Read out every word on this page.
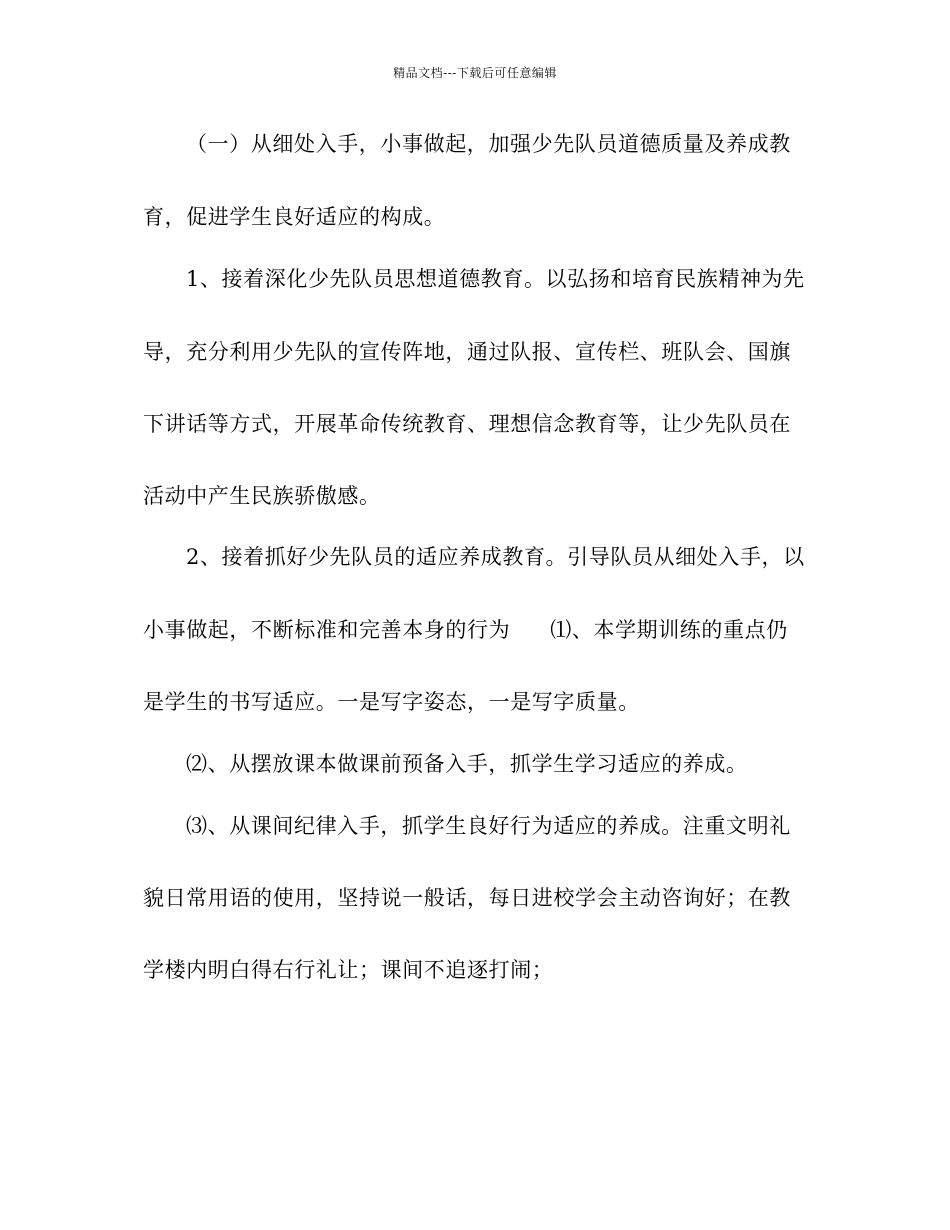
精品文档---下载后可任意编辑
（一）从细处入手，小事做起，加强少先队员道德质量及养成教
育，促进学生良好适应的构成。
1、接着深化少先队员思想道德教育。以弘扬和培育民族精神为先
导，充分利用少先队的宣传阵地，通过队报、宣传栏、班队会、国旗
下讲话等方式，开展革命传统教育、理想信念教育等，让少先队员在
活动中产生民族骄傲感。
2、接着抓好少先队员的适应养成教育。引导队员从细处入手，以
小事做起，不断标准和完善本身的行为 ⑴、本学期训练的重点仍
是学生的书写适应。一是写字姿态，一是写字质量。
⑵、从摆放课本做课前预备入手，抓学生学习适应的养成。
⑶、从课间纪律入手，抓学生良好行为适应的养成。注重文明礼
貌日常用语的使用，坚持说一般话，每日进校学会主动咨询好；在教
学楼内明白得右行礼让；课间不追逐打闹；
